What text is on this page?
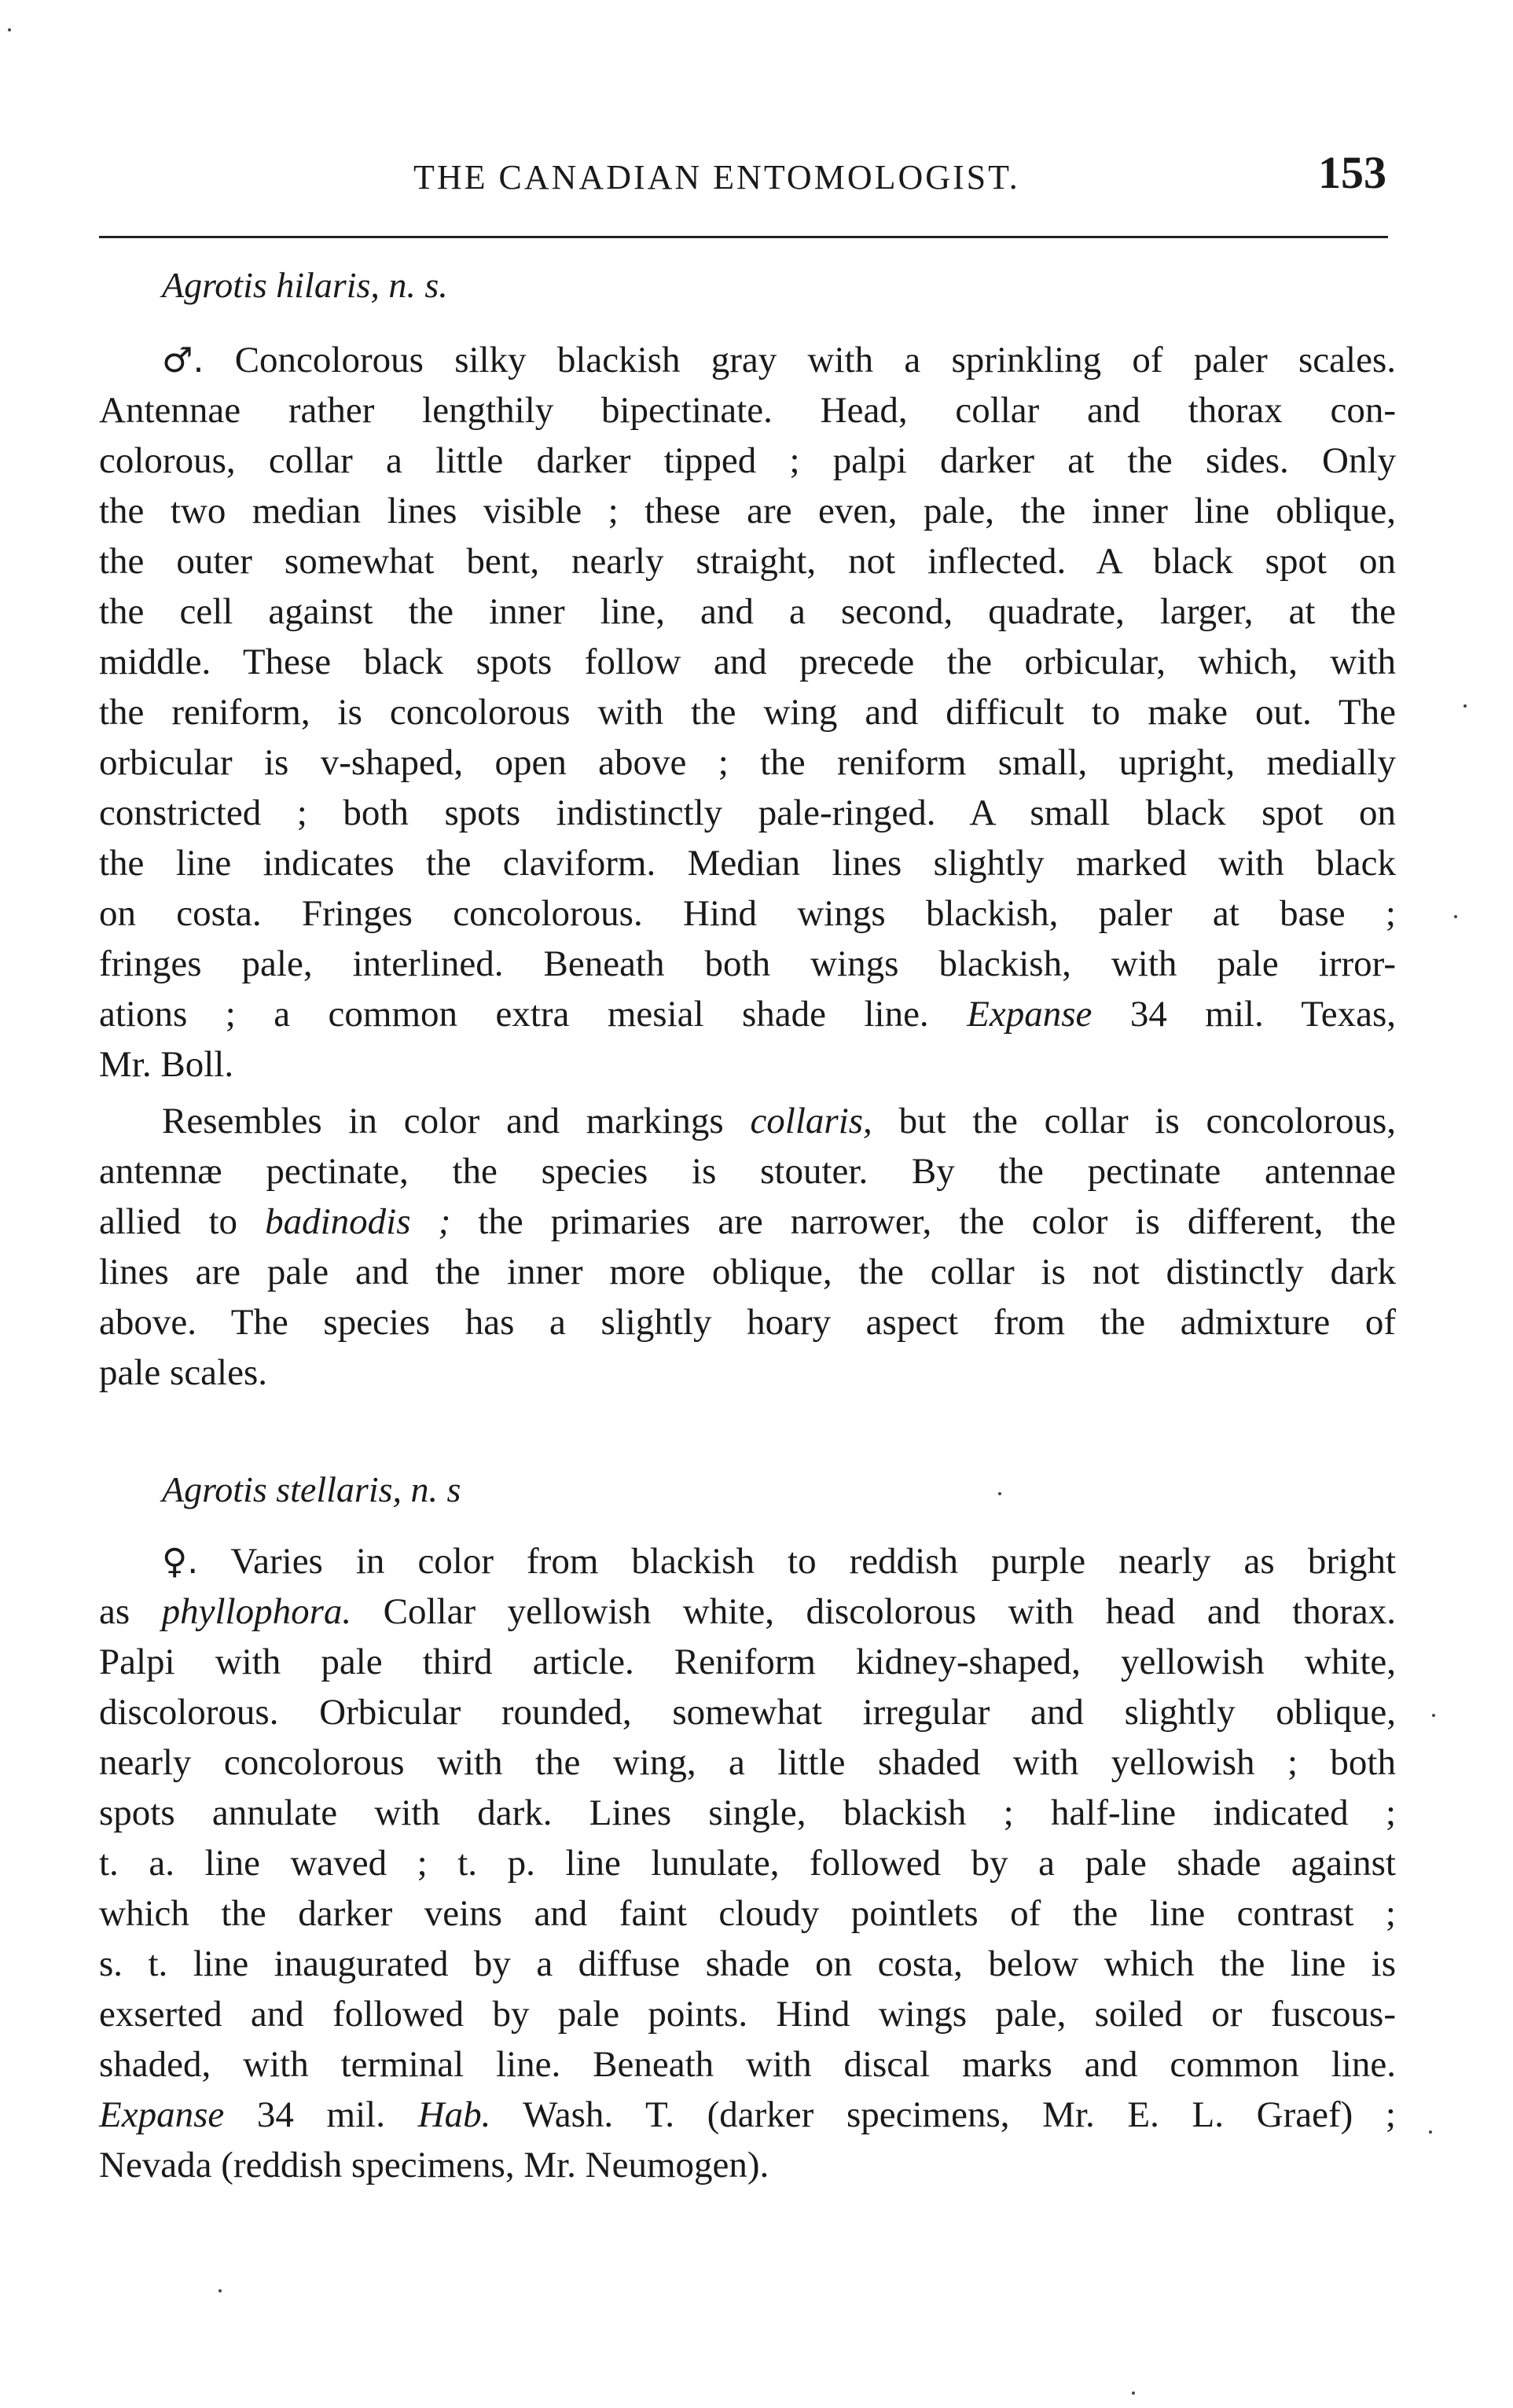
THE CANADIAN ENTOMOLOGIST.	153
Agrotis hilaris, n. s.
♂. Concolorous silky blackish gray with a sprinkling of paler scales.
Antennae rather lengthily bipectinate. Head, collar and thorax con-
colorous, collar a little darker tipped ; palpi darker at the sides. Only
the two median lines visible ; these are even, pale, the inner line oblique,
the outer somewhat bent, nearly straight, not inflected. A black spot on
the cell against the inner line, and a second, quadrate, larger, at the
middle. These black spots follow and precede the orbicular, which, with
the reniform, is concolorous with the wing and difficult to make out. The
orbicular is v-shaped, open above ; the reniform small, upright, medially
constricted ; both spots indistinctly pale-ringed. A small black spot on
the line indicates the claviform. Median lines slightly marked with black
on costa. Fringes concolorous. Hind wings blackish, paler at base ;
fringes pale, interlined. Beneath both wings blackish, with pale irror-
ations ; a common extra mesial shade line. Expanse 34 mil. Texas,
Mr. Boll.
Resembles in color and markings collaris, but the collar is concolorous,
antennæ pectinate, the species is stouter. By the pectinate antennae
allied to badinodis ; the primaries are narrower, the color is different, the
lines are pale and the inner more oblique, the collar is not distinctly dark
above. The species has a slightly hoary aspect from the admixture of
pale scales.
Agrotis stellaris, n. s
♀. Varies in color from blackish to reddish purple nearly as bright
as phyllophora. Collar yellowish white, discolorous with head and thorax.
Palpi with pale third article. Reniform kidney-shaped, yellowish white,
discolorous. Orbicular rounded, somewhat irregular and slightly oblique,
nearly concolorous with the wing, a little shaded with yellowish ; both
spots annulate with dark. Lines single, blackish ; half-line indicated ;
t. a. line waved ; t. p. line lunulate, followed by a pale shade against
which the darker veins and faint cloudy pointlets of the line contrast ;
s. t. line inaugurated by a diffuse shade on costa, below which the line is
exserted and followed by pale points. Hind wings pale, soiled or fuscous-
shaded, with terminal line. Beneath with discal marks and common line.
Expanse 34 mil. Hab. Wash. T. (darker specimens, Mr. E. L. Graef) ;
Nevada (reddish specimens, Mr. Neumogen).
